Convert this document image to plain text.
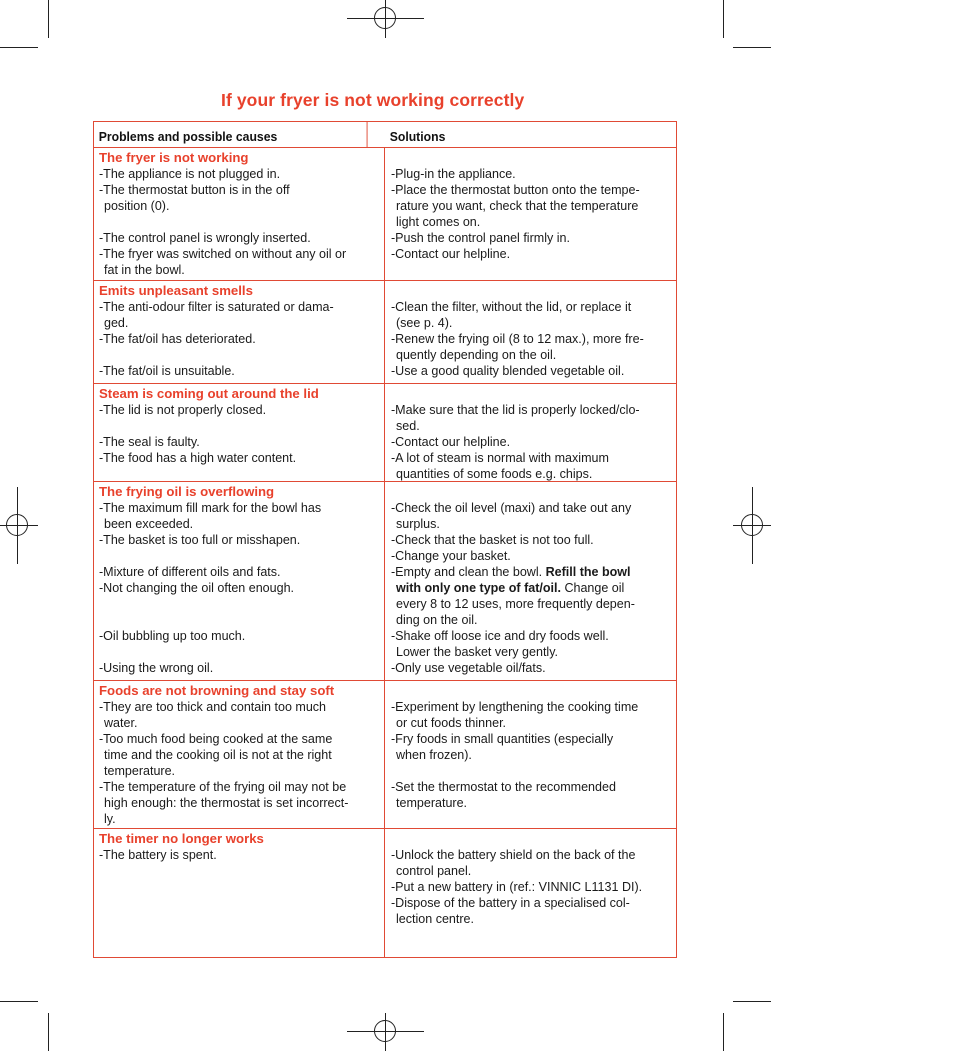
If your fryer is not working correctly
Problems and possible causes	Solutions
The fryer is not working
-The appliance is not plugged in.
-The thermostat button is in the off
position (0).
-The control panel is wrongly inserted.
-The fryer was switched on without any oil or
fat in the bowl.
-Plug-in the appliance.
-Place the thermostat button onto the tempe-
rature you want, check that the temperature
light comes on.
-Push the control panel firmly in.
-Contact our helpline.
Emits unpleasant smells
-The anti-odour filter is saturated or dama-
ged.
-The fat/oil has deteriorated.
-The fat/oil is unsuitable.
-Clean the filter, without the lid, or replace it
(see p. 4).
-Renew the frying oil (8 to 12 max.), more fre-
quently depending on the oil.
-Use a good quality blended vegetable oil.
Steam is coming out around the lid
-The lid is not properly closed.
-The seal is faulty.
-The food has a high water content.
-Make sure that the lid is properly locked/clo-
sed.
-Contact our helpline.
-A lot of steam is normal with maximum
quantities of some foods e.g. chips.
The frying oil is overflowing
-The maximum fill mark for the bowl has
been exceeded.
-The basket is too full or misshapen.
-Mixture of different oils and fats.
-Not changing the oil often enough.
-Oil bubbling up too much.
-Using the wrong oil.
-Check the oil level (maxi) and take out any
surplus.
-Check that the basket is not too full.
-Change your basket.
-Empty and clean the bowl. Refill the bowl
with only one type of fat/oil. Change oil
every 8 to 12 uses, more frequently depen-
ding on the oil.
-Shake off loose ice and dry foods well.
Lower the basket very gently.
-Only use vegetable oil/fats.
Foods are not browning and stay soft
-They are too thick and contain too much
water.
-Too much food being cooked at the same
time and the cooking oil is not at the right
temperature.
-The temperature of the frying oil may not be
high enough: the thermostat is set incorrect-
ly.
-Experiment by lengthening the cooking time
or cut foods thinner.
-Fry foods in small quantities (especially
when frozen).
-Set the thermostat to the recommended
temperature.
The timer no longer works
-The battery is spent.	-Unlock the battery shield on the back of the
control panel.
-Put a new battery in (ref.: VINNIC L1131 DI).
-Dispose of the battery in a specialised col-
lection centre.
